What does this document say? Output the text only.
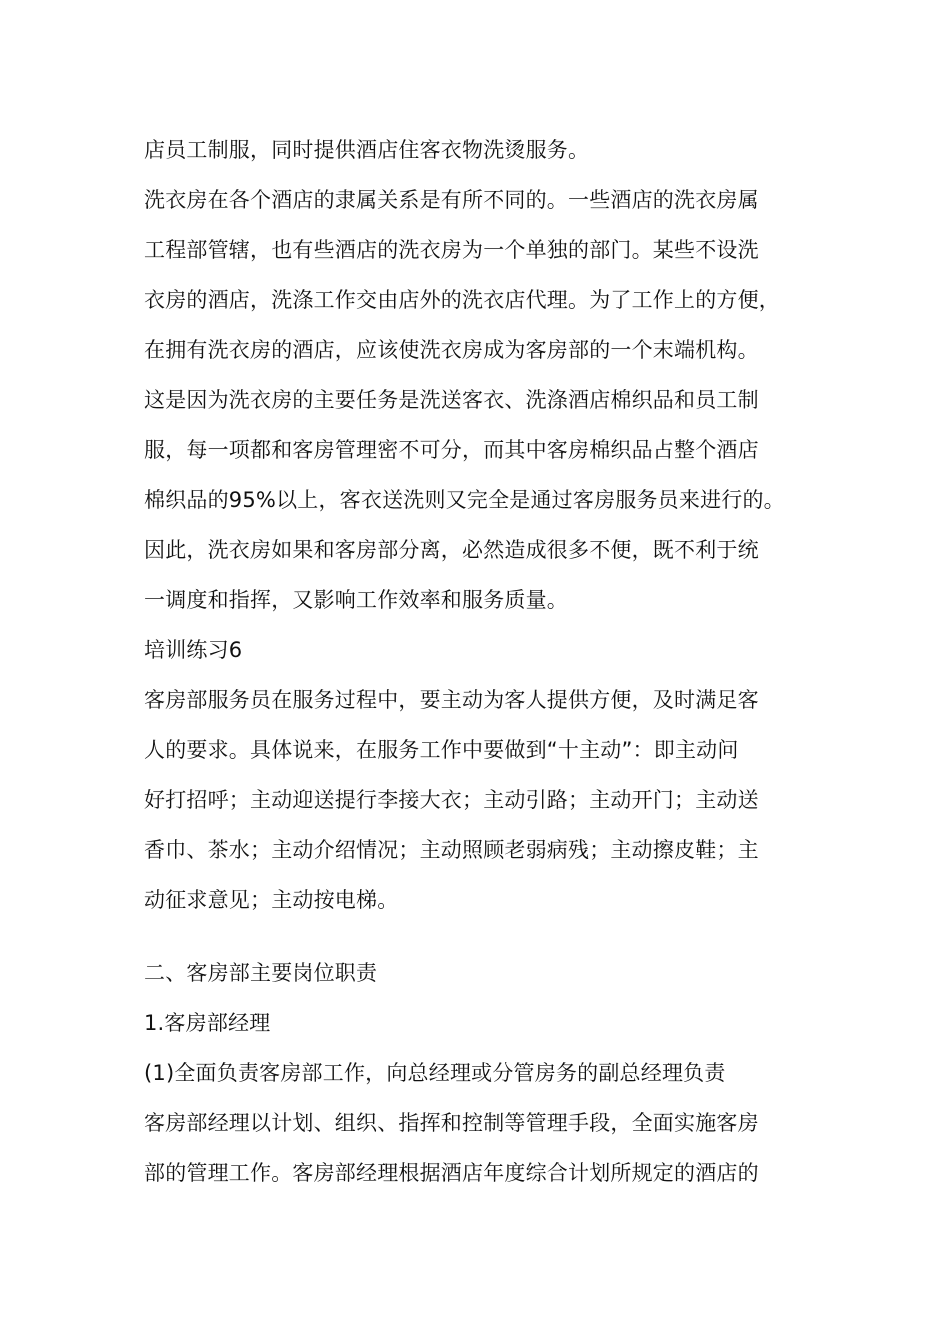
店员工制服，同时提供酒店住客衣物洗烫服务。
洗衣房在各个酒店的隶属关系是有所不同的。一些酒店的洗衣房属
工程部管辖，也有些酒店的洗衣房为一个单独的部门。某些不设洗
衣房的酒店，洗涤工作交由店外的洗衣店代理。为了工作上的方便，
在拥有洗衣房的酒店，应该使洗衣房成为客房部的一个末端机构。
这是因为洗衣房的主要任务是洗送客衣、洗涤酒店棉织品和员工制
服，每一项都和客房管理密不可分，而其中客房棉织品占整个酒店
棉织品的95%以上，客衣送洗则又完全是通过客房服务员来进行的。
因此，洗衣房如果和客房部分离，必然造成很多不便，既不利于统
一调度和指挥，又影响工作效率和服务质量。
培训练习6
客房部服务员在服务过程中，要主动为客人提供方便，及时满足客
人的要求。具体说来，在服务工作中要做到“十主动”：即主动问
好打招呼；主动迎送提行李接大衣；主动引路；主动开门；主动送
香巾、茶水；主动介绍情况；主动照顾老弱病残；主动擦皮鞋；主
动征求意见；主动按电梯。
二、客房部主要岗位职责
1.客房部经理
(1)全面负责客房部工作，向总经理或分管房务的副总经理负责
客房部经理以计划、组织、指挥和控制等管理手段，全面实施客房
部的管理工作。客房部经理根据酒店年度综合计划所规定的酒店的
